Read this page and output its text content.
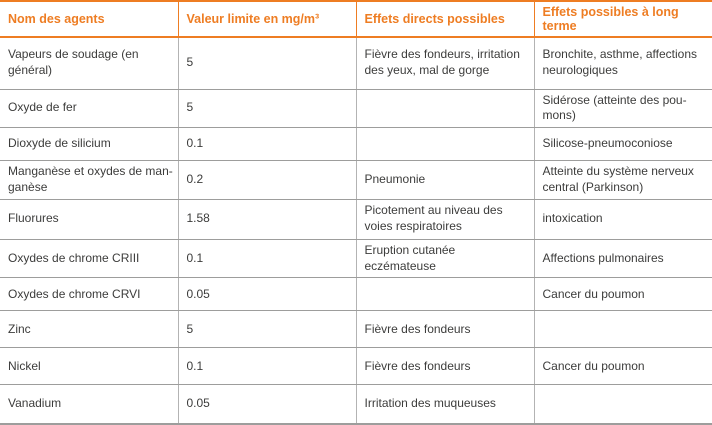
Nom des agents	Valeur limite en mg/m³	Effets directs possibles	Effets possibles à long terme
Vapeurs de soudage (en général)	5	Fièvre des fondeurs, irritation des yeux, mal de gorge	Bronchite, asthme, affections neurologiques
Oxyde de fer	5		Sidérose (atteinte des pou-mons)
Dioxyde de silicium	0.1		Silicose-pneumoconiose
Manganèse et oxydes de man-ganèse	0.2	Pneumonie	Atteinte du système nerveux central (Parkinson)
Fluorures	1.58	Picotement au niveau des voies respiratoires	intoxication
Oxydes de chrome CRIII	0.1	Eruption cutanée eczémateuse	Affections pulmonaires
Oxydes de chrome CRVI	0.05		Cancer du poumon
Zinc	5	Fièvre des fondeurs	
Nickel	0.1	Fièvre des fondeurs	Cancer du poumon
Vanadium	0.05	Irritation des muqueuses	
